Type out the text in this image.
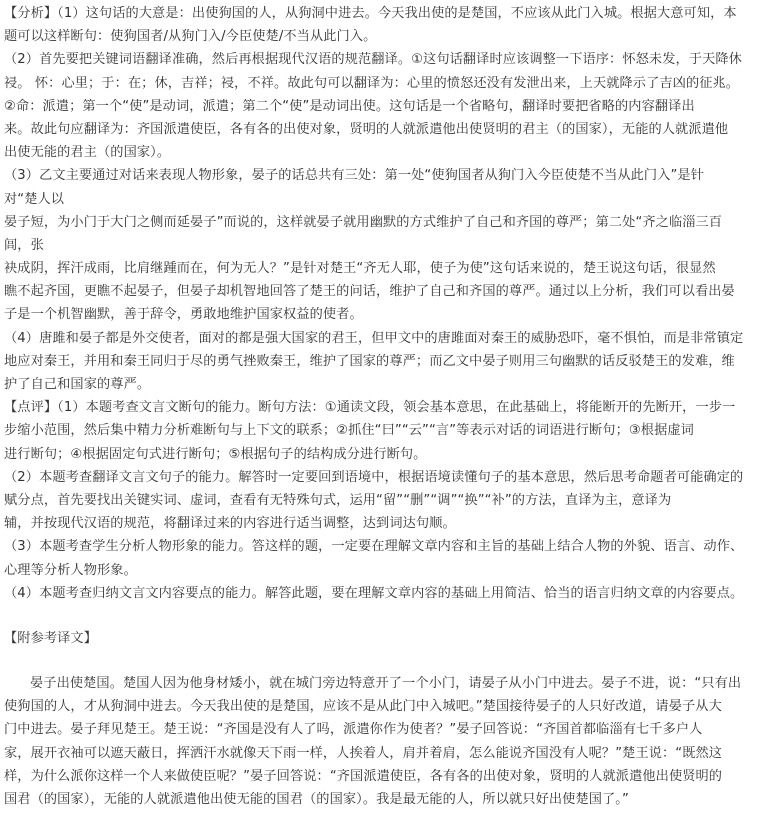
【分析】（1）这句话的大意是：出使狗国的人，从狗洞中进去。今天我出使的是楚国，不应该从此门入城。根据大意可知，本
题可以这样断句：使狗国者/从狗门入/今臣使楚/不当从此门入。
（2）首先要把关键词语翻译准确，然后再根据现代汉语的规范翻译。①这句话翻译时应该调整一下语序：怀怒未发，于天降休
祲。 怀：心里；于：在；休，吉祥；祲，不祥。故此句可以翻译为：心里的愤怒还没有发泄出来，上天就降示了吉凶的征兆。
②命：派遣；第一个“使”是动词，派遣；第二个“使”是动词出使。这句话是一个省略句，翻译时要把省略的内容翻译出
来。故此句应翻译为：齐国派遣使臣，各有各的出使对象，贤明的人就派遣他出使贤明的君主（的国家），无能的人就派遣他
出使无能的君主（的国家）。
（3）乙文主要通过对话来表现人物形象，晏子的话总共有三处：第一处“使狗国者从狗门入今臣使楚不当从此门入”是针
对“楚人以
晏子短，为小门于大门之侧而延晏子”而说的，这样就晏子就用幽默的方式维护了自己和齐国的尊严；第二处“齐之临淄三百
闾，张
袂成阴，挥汗成雨，比肩继踵而在，何为无人？”是针对楚王“齐无人耶，使子为使”这句话来说的，楚王说这句话，很显然
瞧不起齐国，更瞧不起晏子，但晏子却机智地回答了楚王的问话，维护了自己和齐国的尊严。通过以上分析，我们可以看出晏
子是一个机智幽默，善于辞令，勇敢地维护国家权益的使者。
（4）唐雎和晏子都是外交使者，面对的都是强大国家的君王，但甲文中的唐雎面对秦王的威胁恐吓，毫不惧怕，而是非常镇定
地应对秦王，并用和秦王同归于尽的勇气挫败秦王，维护了国家的尊严；而乙文中晏子则用三句幽默的话反驳楚王的发难，维
护了自己和国家的尊严。
【点评】（1）本题考查文言文断句的能力。断句方法：①通读文段，领会基本意思，在此基础上，将能断开的先断开，一步一
步缩小范围，然后集中精力分析难断句与上下文的联系；②抓住“曰”“云”“言”等表示对话的词语进行断句；③根据虚词
进行断句；④根据固定句式进行断句；⑤根据句子的结构成分进行断句。
（2）本题考查翻译文言文句子的能力。解答时一定要回到语境中，根据语境读懂句子的基本意思，然后思考命题者可能确定的
赋分点，首先要找出关键实词、虚词，查看有无特殊句式，运用“留”“删”“调”“换”“补”的方法，直译为主，意译为
辅，并按现代汉语的规范，将翻译过来的内容进行适当调整，达到词达句顺。
（3）本题考查学生分析人物形象的能力。答这样的题，一定要在理解文章内容和主旨的基础上结合人物的外貌、语言、动作、
心理等分析人物形象。
（4）本题考查归纳文言文内容要点的能力。解答此题，要在理解文章内容的基础上用简洁、恰当的语言归纳文章的内容要点。
【附参考译文】
晏子出使楚国。楚国人因为他身材矮小，就在城门旁边特意开了一个小门，请晏子从小门中进去。晏子不进，说：“只有出
使狗国的人，才从狗洞中进去。今天我出使的是楚国，应该不是从此门中入城吧。”楚国接待晏子的人只好改道，请晏子从大
门中进去。晏子拜见楚王。楚王说：“齐国是没有人了吗，派遣你作为使者？”晏子回答说：“齐国首都临淄有七千多户人
家，展开衣袖可以遮天蔽日，挥洒汗水就像天下雨一样，人挨着人，肩并着肩，怎么能说齐国没有人呢？”楚王说：“既然这
样，为什么派你这样一个人来做使臣呢？”晏子回答说：“齐国派遣使臣，各有各的出使对象，贤明的人就派遣他出使贤明的
国君（的国家），无能的人就派遣他出使无能的国君（的国家）。我是最无能的人，所以就只好出使楚国了。”
